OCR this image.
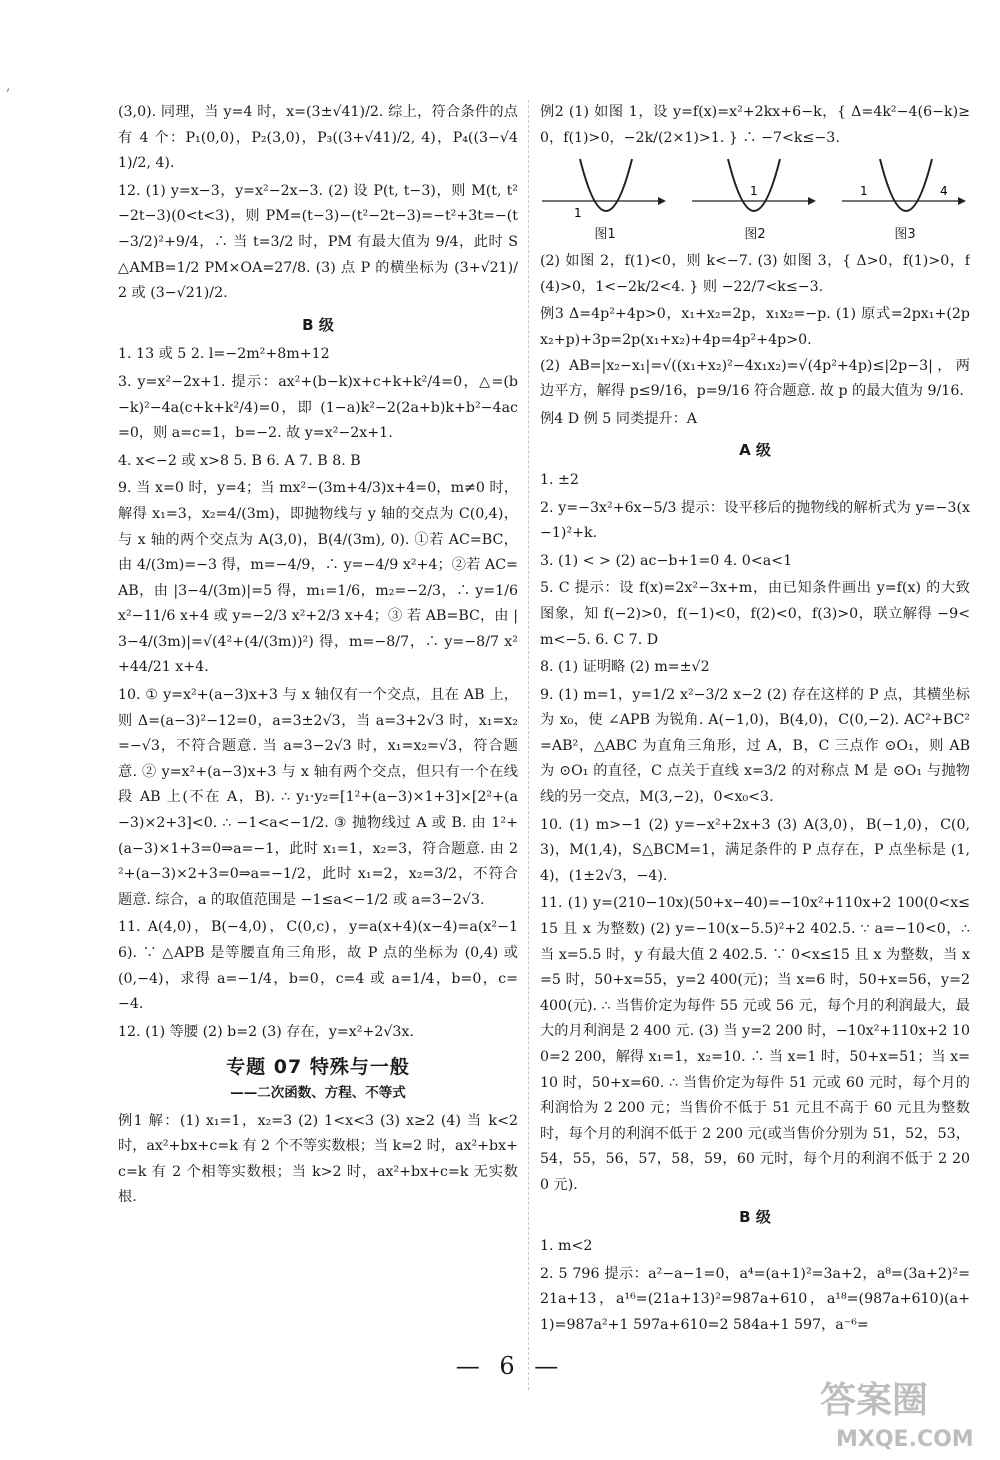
,

(3,0). 同理，当 y=4 时，x=(3±√41)/2. 综上，符合条件的点有 4 个：P₁(0,0)，P₂(3,0)，P₃((3+√41)/2, 4)，P₄((3−√41)/2, 4).

12. (1) y=x−3，y=x²−2x−3. (2) 设 P(t, t−3)，则 M(t, t²−2t−3)(0<t<3)，则 PM=(t−3)−(t²−2t−3)=−t²+3t=−(t−3/2)²+9/4，∴ 当 t=3/2 时，PM 有最大值为 9/4，此时 S△AMB=1/2 PM×OA=27/8. (3) 点 P 的横坐标为 (3+√21)/2 或 (3−√21)/2.

B 级

1. 13 或 5 2. l=−2m²+8m+12

3. y=x²−2x+1. 提示：ax²+(b−k)x+c+k+k²/4=0，△=(b−k)²−4a(c+k+k²/4)=0，即 (1−a)k²−2(2a+b)k+b²−4ac=0，则 a=c=1，b=−2. 故 y=x²−2x+1.

4. x<−2 或 x>8 5. B 6. A 7. B 8. B

9. 当 x=0 时，y=4；当 mx²−(3m+4/3)x+4=0，m≠0 时，解得 x₁=3，x₂=4/(3m)，即抛物线与 y 轴的交点为 C(0,4)，与 x 轴的两个交点为 A(3,0)，B(4/(3m), 0). ①若 AC=BC，由 4/(3m)=−3 得，m=−4/9，∴ y=−4/9 x²+4；②若 AC=AB，由 |3−4/(3m)|=5 得，m₁=1/6，m₂=−2/3，∴ y=1/6 x²−11/6 x+4 或 y=−2/3 x²+2/3 x+4；③ 若 AB=BC，由 |3−4/(3m)|=√(4²+(4/(3m))²) 得，m=−8/7，∴ y=−8/7 x²+44/21 x+4.

10. ① y=x²+(a−3)x+3 与 x 轴仅有一个交点，且在 AB 上，则 Δ=(a−3)²−12=0，a=3±2√3，当 a=3+2√3 时，x₁=x₂=−√3，不符合题意. 当 a=3−2√3 时，x₁=x₂=√3，符合题意. ② y=x²+(a−3)x+3 与 x 轴有两个交点，但只有一个在线段 AB 上(不在 A，B). ∴ y₁·y₂=[1²+(a−3)×1+3]×[2²+(a−3)×2+3]<0. ∴ −1<a<−1/2. ③ 抛物线过 A 或 B. 由 1²+(a−3)×1+3=0⇒a=−1，此时 x₁=1，x₂=3，符合题意. 由 2²+(a−3)×2+3=0⇒a=−1/2，此时 x₁=2，x₂=3/2，不符合题意. 综合，a 的取值范围是 −1≤a<−1/2 或 a=3−2√3.

11. A(4,0)，B(−4,0)，C(0,c)，y=a(x+4)(x−4)=a(x²−16). ∵ △APB 是等腰直角三角形，故 P 点的坐标为 (0,4) 或 (0,−4)，求得 a=−1/4，b=0，c=4 或 a=1/4，b=0，c=−4.

12. (1) 等腰 (2) b=2 (3) 存在，y=x²+2√3x.

专题 07 特殊与一般
——二次函数、方程、不等式

例1 解：(1) x₁=1，x₂=3 (2) 1<x<3 (3) x≥2 (4) 当 k<2 时，ax²+bx+c=k 有 2 个不等实数根；当 k=2 时，ax²+bx+c=k 有 2 个相等实数根；当 k>2 时，ax²+bx+c=k 无实数根.

例2 (1) 如图 1，设 y=f(x)=x²+2kx+6−k，{ Δ=4k²−4(6−k)≥0，f(1)>0，−2k/(2×1)>1. } ∴ −7<k≤−3.

1
图1
1
图2
1	4
图3

(2) 如图 2，f(1)<0，则 k<−7. (3) 如图 3，{ Δ>0，f(1)>0，f(4)>0，1<−2k/2<4. } 则 −22/7<k≤−3.

例3 Δ=4p²+4p>0，x₁+x₂=2p，x₁x₂=−p. (1) 原式=2px₁+(2px₂+p)+3p=2p(x₁+x₂)+4p=4p²+4p>0.

(2) AB=|x₂−x₁|=√((x₁+x₂)²−4x₁x₂)=√(4p²+4p)≤|2p−3|，两边平方，解得 p≤9/16，p=9/16 符合题意. 故 p 的最大值为 9/16.

例4 D 例 5 同类提升：A

A 级

1. ±2

2. y=−3x²+6x−5/3 提示：设平移后的抛物线的解析式为 y=−3(x−1)²+k.

3. (1) < > (2) ac−b+1=0 4. 0<a<1

5. C 提示：设 f(x)=2x²−3x+m，由已知条件画出 y=f(x) 的大致图象，知 f(−2)>0，f(−1)<0，f(2)<0，f(3)>0，联立解得 −9<m<−5. 6. C 7. D

8. (1) 证明略 (2) m=±√2

9. (1) m=1，y=1/2 x²−3/2 x−2 (2) 存在这样的 P 点，其横坐标为 x₀，使 ∠APB 为锐角. A(−1,0)，B(4,0)，C(0,−2). AC²+BC²=AB²，△ABC 为直角三角形，过 A，B，C 三点作 ⊙O₁，则 AB 为 ⊙O₁ 的直径，C 点关于直线 x=3/2 的对称点 M 是 ⊙O₁ 与抛物线的另一交点，M(3,−2)，0<x₀<3.

10. (1) m>−1 (2) y=−x²+2x+3 (3) A(3,0)，B(−1,0)，C(0,3)，M(1,4)，S△BCM=1，满足条件的 P 点存在，P 点坐标是 (1,4)，(1±2√3，−4).

11. (1) y=(210−10x)(50+x−40)=−10x²+110x+2 100(0<x≤15 且 x 为整数) (2) y=−10(x−5.5)²+2 402.5. ∵ a=−10<0，∴ 当 x=5.5 时，y 有最大值 2 402.5. ∵ 0<x≤15 且 x 为整数，当 x=5 时，50+x=55，y=2 400(元)；当 x=6 时，50+x=56，y=2 400(元). ∴ 当售价定为每件 55 元或 56 元，每个月的利润最大，最大的月利润是 2 400 元. (3) 当 y=2 200 时，−10x²+110x+2 100=2 200，解得 x₁=1，x₂=10. ∴ 当 x=1 时，50+x=51；当 x=10 时，50+x=60. ∴ 当售价定为每件 51 元或 60 元时，每个月的利润恰为 2 200 元；当售价不低于 51 元且不高于 60 元且为整数时，每个月的利润不低于 2 200 元(或当售价分别为 51，52，53，54，55，56，57，58，59，60 元时，每个月的利润不低于 2 200 元).

B 级

1. m<2

2. 5 796 提示：a²−a−1=0，a⁴=(a+1)²=3a+2，a⁸=(3a+2)²=21a+13，a¹⁶=(21a+13)²=987a+610，a¹⁸=(987a+610)(a+1)=987a²+1 597a+610=2 584a+1 597，a⁻⁶=

— 6 —
答案圈
MXQE.COM
